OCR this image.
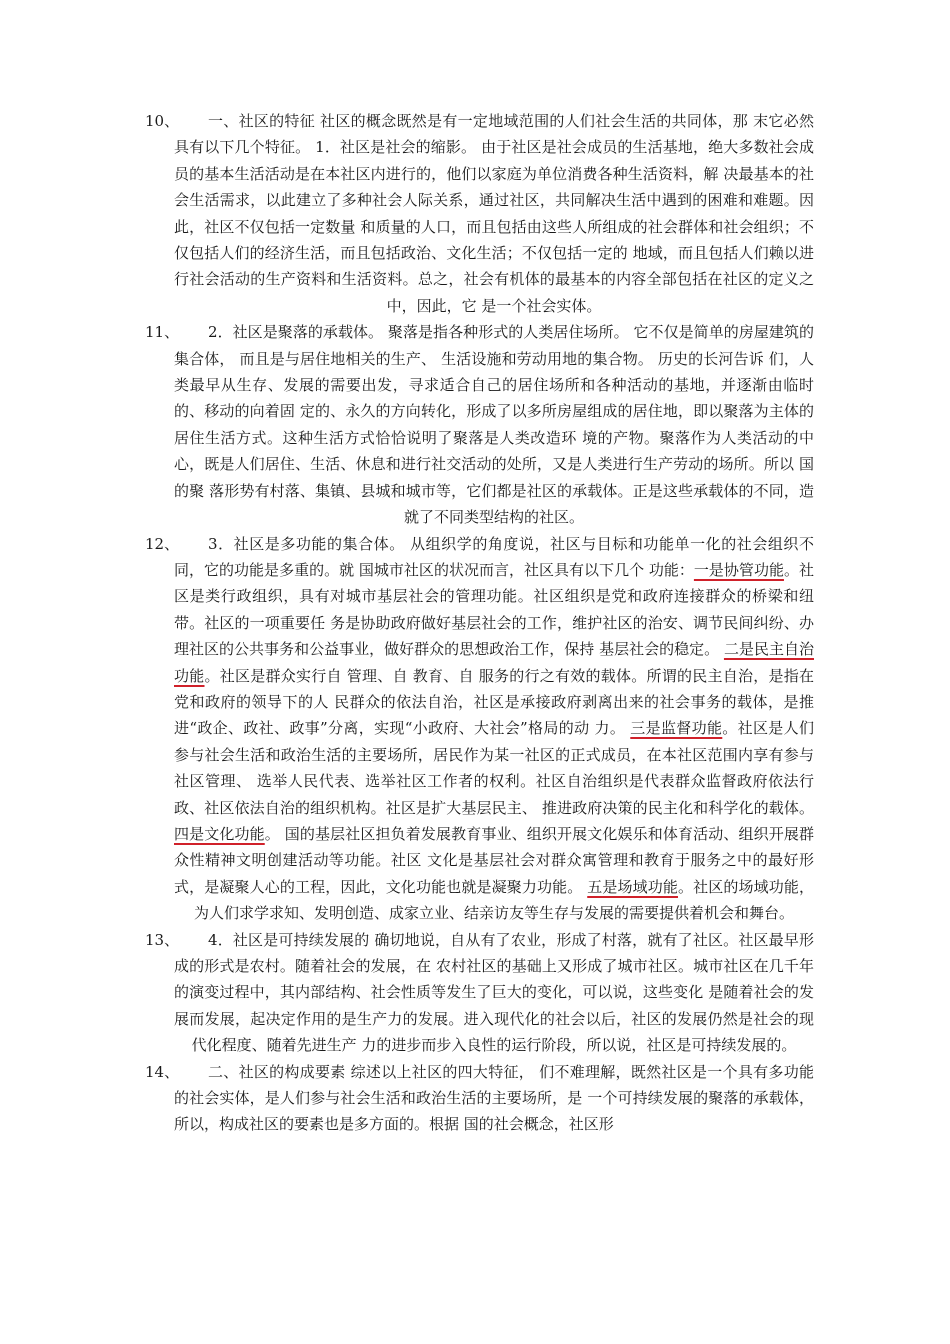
10、	一、社区的特征 社区的概念既然是有一定地域范围的人们社会生活的共同体，那 末它必然具有以下几个特征。 1．社区是社会的缩影。 由于社区是社会成员的生活基地，绝大多数社会成员的基本生活活动是在本社区内进行的，他们以家庭为单位消费各种生活资料，解 决最基本的社会生活需求，以此建立了多种社会人际关系，通过社区，共同解决生活中遇到的困难和难题。因此，社区不仅包括一定数量 和质量的人口，而且包括由这些人所组成的社会群体和社会组织；不仅包括人们的经济生活，而且包括政治、文化生活；不仅包括一定的 地域，而且包括人们赖以进行社会活动的生产资料和生活资料。总之，社会有机体的最基本的内容全部包括在社区的定义之中，因此，它 是一个社会实体。

11、	2．社区是聚落的承载体。 聚落是指各种形式的人类居住场所。 它不仅是简单的房屋建筑的集合体， 而且是与居住地相关的生产、 生活设施和劳动用地的集合物。 历史的长河告诉 们，人类最早从生存、发展的需要出发，寻求适合自己的居住场所和各种活动的基地，并逐渐由临时的、移动的向着固 定的、永久的方向转化，形成了以多所房屋组成的居住地，即以聚落为主体的居住生活方式。这种生活方式恰恰说明了聚落是人类改造环 境的产物。聚落作为人类活动的中心，既是人们居住、生活、休息和进行社交活动的处所，又是人类进行生产劳动的场所。所以 国的聚 落形势有村落、集镇、县城和城市等，它们都是社区的承载体。正是这些承载体的不同，造就了不同类型结构的社区。

12、	3．社区是多功能的集合体。 从组织学的角度说，社区与目标和功能单一化的社会组织不同，它的功能是多重的。就 国城市社区的状况而言，社区具有以下几个 功能：一是协管功能。社区是类行政组织，具有对城市基层社会的管理功能。社区组织是党和政府连接群众的桥梁和纽带。社区的一项重要任 务是协助政府做好基层社会的工作，维护社区的治安、调节民间纠纷、办理社区的公共事务和公益事业，做好群众的思想政治工作，保持 基层社会的稳定。 二是民主自治功能。社区是群众实行自 管理、自 教育、自 服务的行之有效的载体。所谓的民主自治，是指在党和政府的领导下的人 民群众的依法自治，社区是承接政府剥离出来的社会事务的载体，是推进“政企、政社、政事”分离，实现“小政府、大社会”格局的动 力。 三是监督功能。社区是人们参与社会生活和政治生活的主要场所，居民作为某一社区的正式成员，在本社区范围内享有参与社区管理、 选举人民代表、选举社区工作者的权利。社区自治组织是代表群众监督政府依法行政、社区依法自治的组织机构。社区是扩大基层民主、 推进政府决策的民主化和科学化的载体。 四是文化功能。 国的基层社区担负着发展教育事业、组织开展文化娱乐和体育活动、组织开展群众性精神文明创建活动等功能。社区 文化是基层社会对群众寓管理和教育于服务之中的最好形式，是凝聚人心的工程，因此，文化功能也就是凝聚力功能。 五是场域功能。社区的场域功能，为人们求学求知、发明创造、成家立业、结亲访友等生存与发展的需要提供着机会和舞台。

13、	4．社区是可持续发展的 确切地说，自从有了农业，形成了村落，就有了社区。社区最早形成的形式是农村。随着社会的发展，在 农村社区的基础上又形成了城市社区。城市社区在几千年的演变过程中，其内部结构、社会性质等发生了巨大的变化，可以说，这些变化 是随着社会的发展而发展，起决定作用的是生产力的发展。进入现代化的社会以后，社区的发展仍然是社会的现代化程度、随着先进生产 力的进步而步入良性的运行阶段，所以说，社区是可持续发展的。

14、	二、社区的构成要素 综述以上社区的四大特征， 们不难理解，既然社区是一个具有多功能的社会实体，是人们参与社会生活和政治生活的主要场所，是 一个可持续发展的聚落的承载体，所以，构成社区的要素也是多方面的。根据 国的社会概念，社区形
